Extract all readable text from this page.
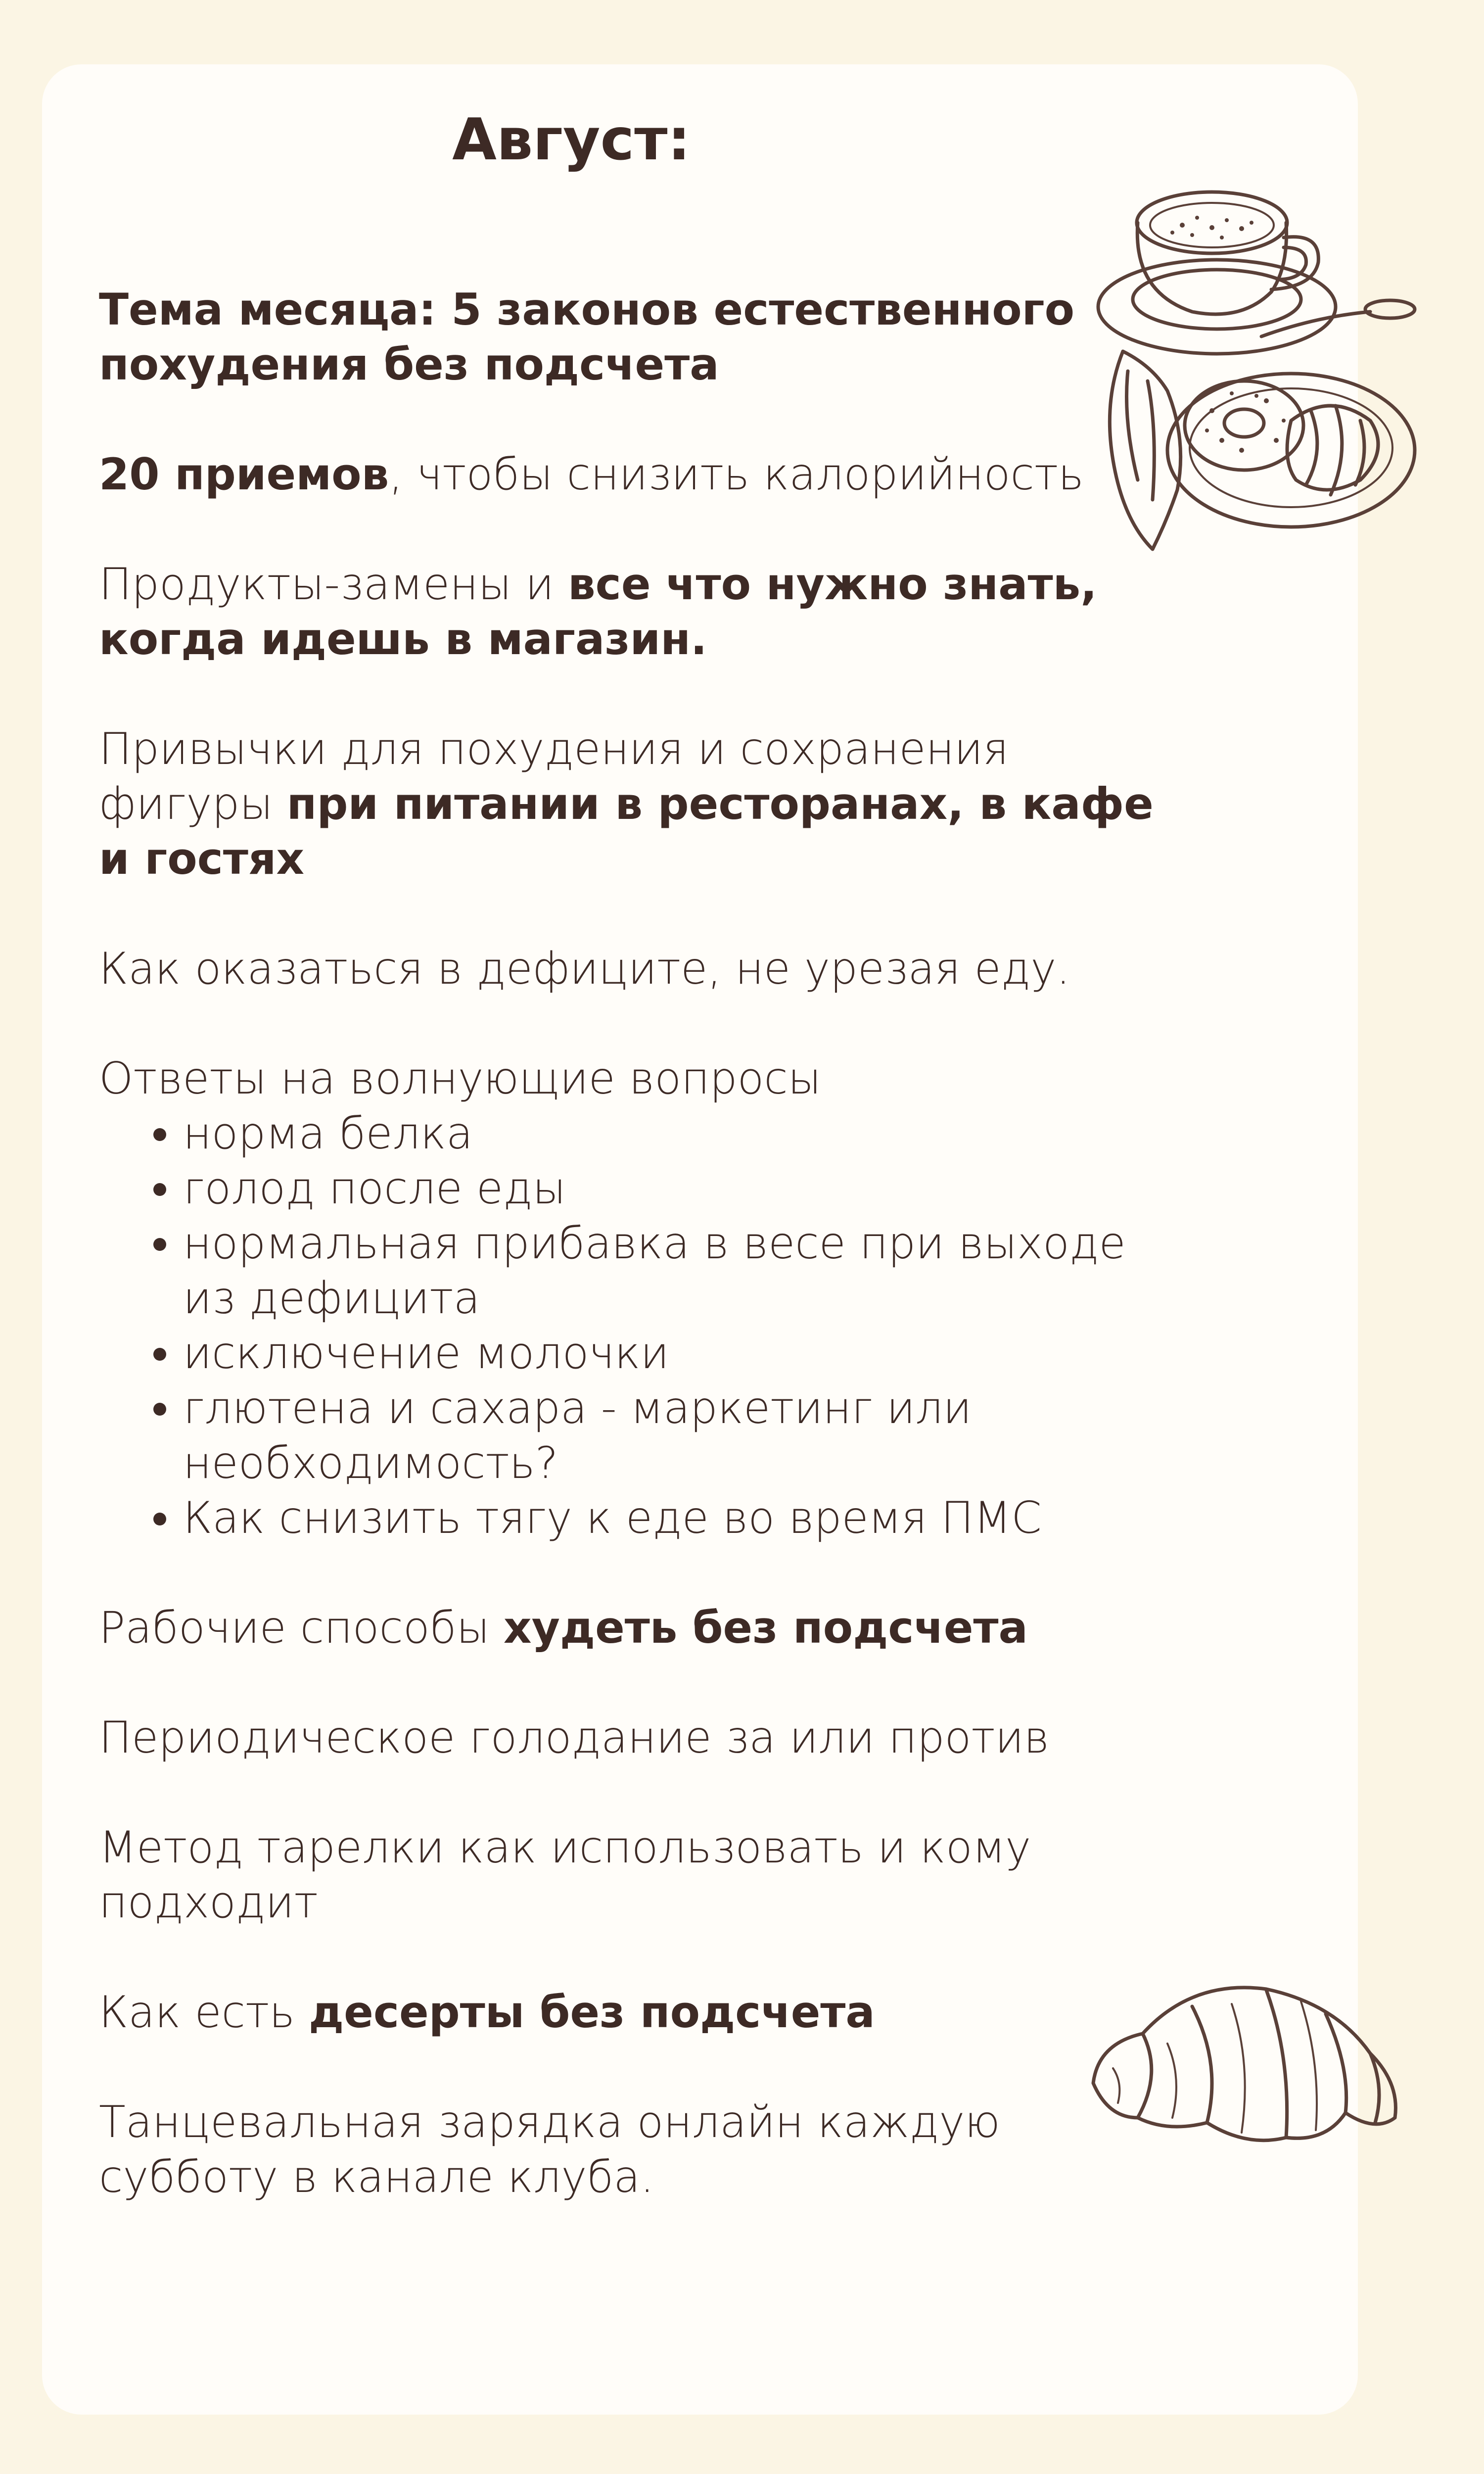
Август:

Тема месяца: 5 законов естественного похудения без подсчета

20 приемов, чтобы снизить калорийность

Продукты-замены и все что нужно знать, когда идешь в магазин.

Привычки для похудения и сохранения фигуры при питании в ресторанах, в кафе и гостях

Как оказаться в дефиците, не урезая еду.

Ответы на волнующие вопросы
норма белка
голод после еды
нормальная прибавка в весе при выходе из дефицита
исключение молочки
глютена и сахара - маркетинг или необходимость?
Как снизить тягу к еде во время ПМС

Рабочие способы худеть без подсчета

Периодическое голодание за или против

Метод тарелки как использовать и кому подходит

Как есть десерты без подсчета

Танцевальная зарядка онлайн каждую субботу в канале клуба.
